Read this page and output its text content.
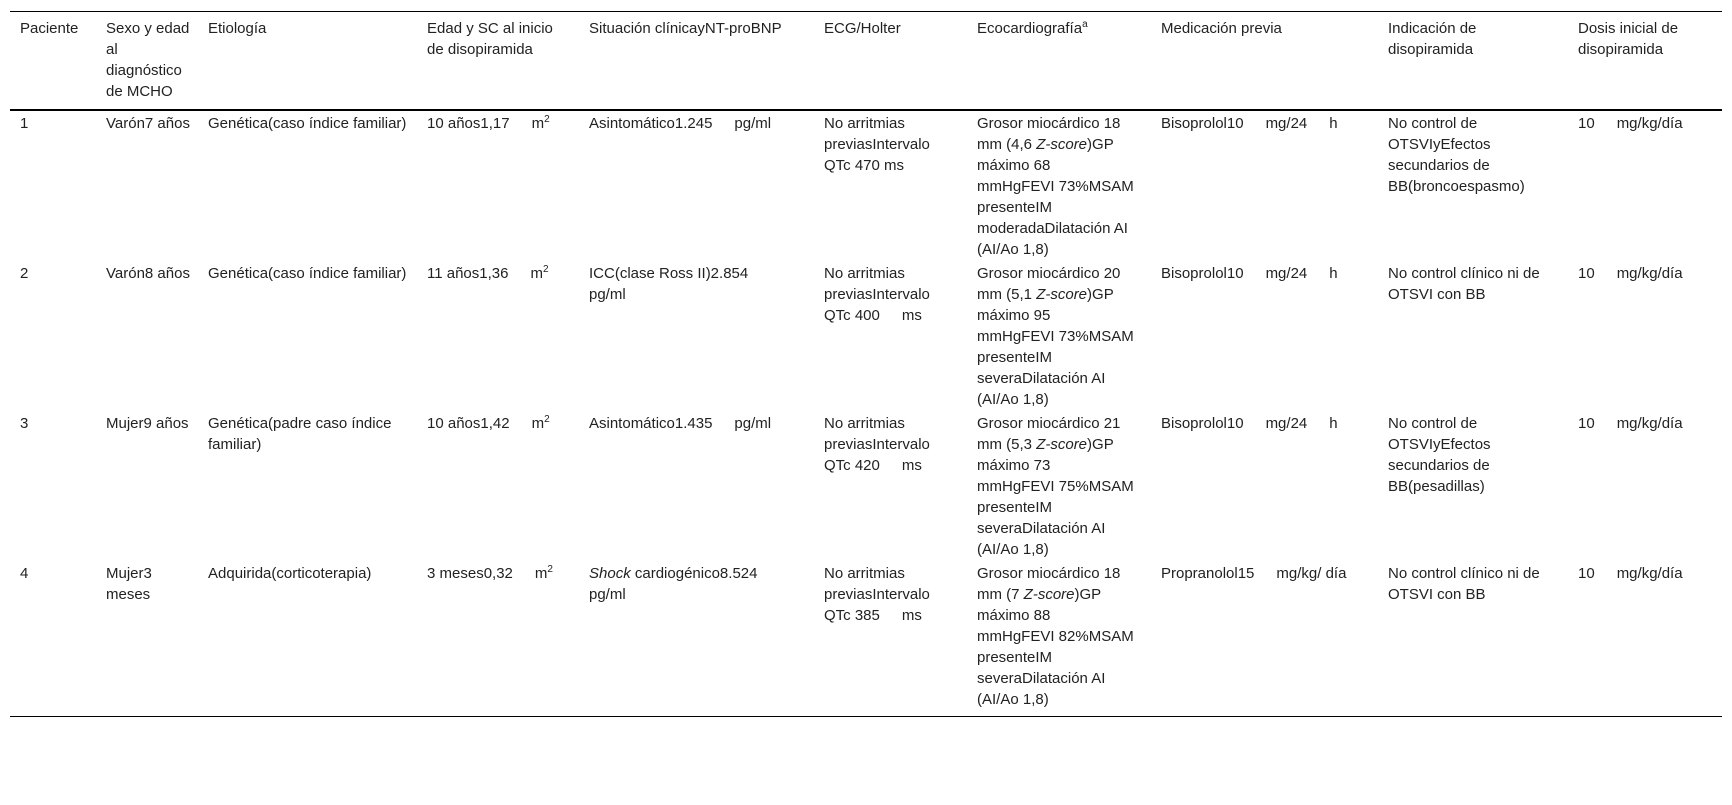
Paciente	Sexo y edad al diagnóstico de MCHO	Etiología	Edad y SC al inicio de disopiramida	Situación clínicayNT-proBNP	ECG/Holter	Ecocardiografía$^a$	Medicación previa	Indicación de disopiramida	Dosis inicial de disopiramida
1	Varón7 años	Genética(caso índice familiar)	10 años1,17 $m^2$	Asintomático1.245 pg/ml	No arritmias previasIntervalo QTc 470 ms	Grosor miocárdico 18mm (4,6 Z-score)GP máximo 68mmHgFEVI 73%MSAM presenteIM moderadaDilatación AI (AI/Ao 1,8)	Bisoprolol10 mg/24 h	No control de OTSVIyEfectos secundarios de BB(broncoespasmo)	10 mg/kg/día
2	Varón8 años	Genética(caso índice familiar)	11 años1,36 $m^2$	ICC(clase Ross II)2.854pg/ml	No arritmias previasIntervalo QTc 400 ms	Grosor miocárdico 20mm (5,1 Z-score)GP máximo 95mmHgFEVI 73%MSAM presenteIM severaDilatación AI (AI/Ao 1,8)	Bisoprolol10 mg/24 h	No control clínico ni de OTSVI con BB	10 mg/kg/día
3	Mujer9 años	Genética(padre caso índice familiar)	10 años1,42 $m^2$	Asintomático1.435 pg/ml	No arritmias previasIntervalo QTc 420 ms	Grosor miocárdico 21mm (5,3 Z-score)GP máximo 73mmHgFEVI 75%MSAM presenteIM severaDilatación AI (AI/Ao 1,8)	Bisoprolol10 mg/24 h	No control de OTSVIyEfectos secundarios de BB(pesadillas)	10 mg/kg/día
4	Mujer3 meses	Adquirida(corticoterapia)	3 meses0,32 $m^2$	Shock cardiogénico8.524pg/ml	No arritmias previasIntervalo QTc 385 ms	Grosor miocárdico 18mm (7 Z-score)GP máximo 88mmHgFEVI 82%MSAM presenteIM severaDilatación AI (AI/Ao 1,8)	Propranolol15 mg/kg/ día	No control clínico ni de OTSVI con BB	10 mg/kg/día
